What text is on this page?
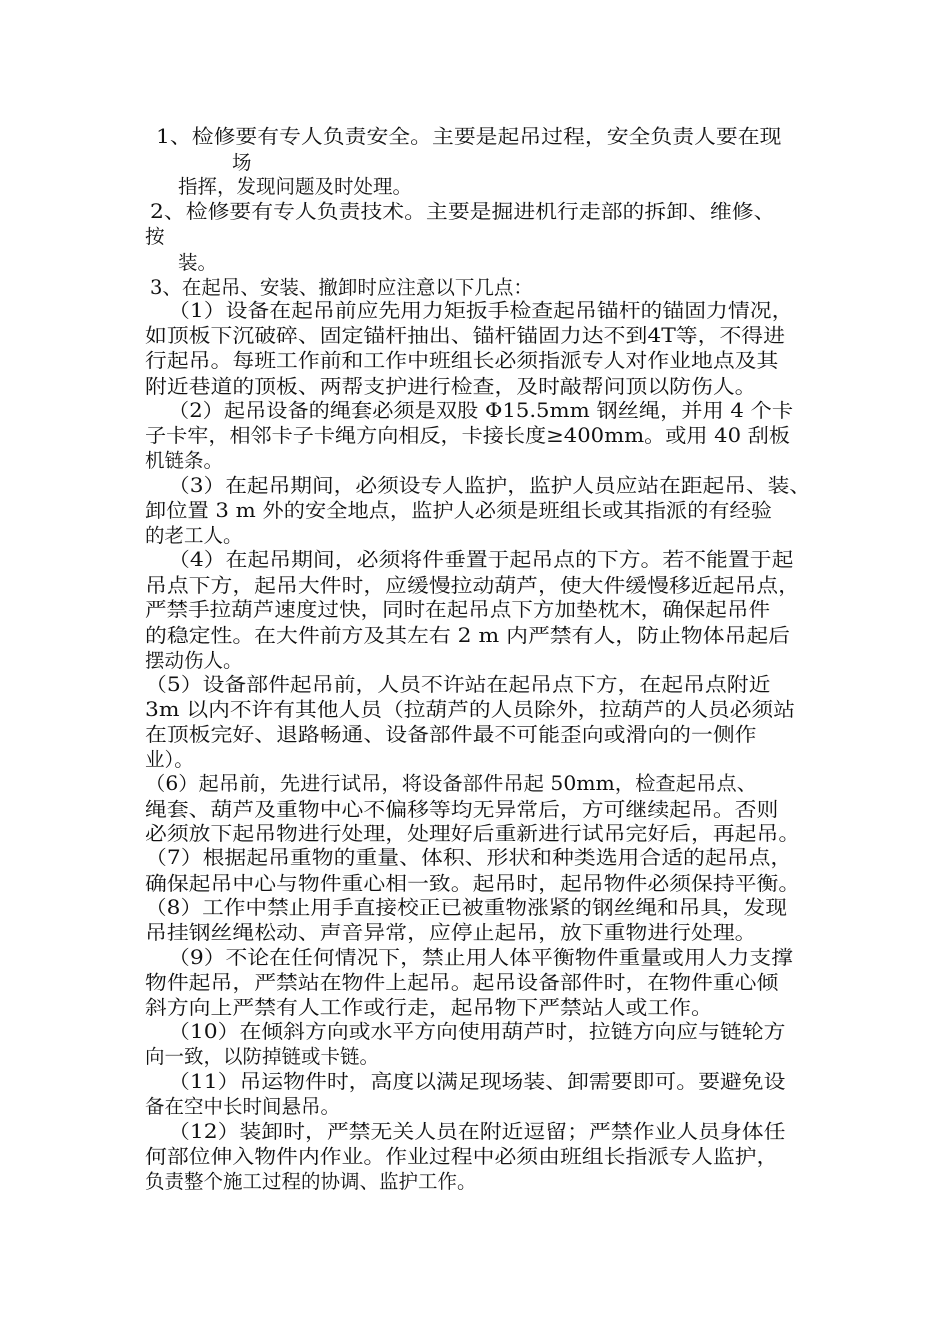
1、检修要有专人负责安全。主要是起吊过程，安全负责人要在现
场
指挥，发现问题及时处理。
2、检修要有专人负责技术。主要是掘进机行走部的拆卸、维修、
按
装。
3、在起吊、安装、撤卸时应注意以下几点：
（1）设备在起吊前应先用力矩扳手检查起吊锚杆的锚固力情况，
如顶板下沉破碎、固定锚杆抽出、锚杆锚固力达不到4T等，不得进
行起吊。每班工作前和工作中班组长必须指派专人对作业地点及其
附近巷道的顶板、两帮支护进行检查，及时敲帮问顶以防伤人。
（2）起吊设备的绳套必须是双股 Φ15.5mm 钢丝绳，并用 4 个卡
子卡牢，相邻卡子卡绳方向相反，卡接长度≥400mm。或用 40 刮板
机链条。
（3）在起吊期间，必须设专人监护，监护人员应站在距起吊、装、
卸位置 3 m 外的安全地点，监护人必须是班组长或其指派的有经验
的老工人。
（4）在起吊期间，必须将件垂置于起吊点的下方。若不能置于起
吊点下方，起吊大件时，应缓慢拉动葫芦，使大件缓慢移近起吊点，
严禁手拉葫芦速度过快，同时在起吊点下方加垫枕木，确保起吊件
的稳定性。在大件前方及其左右 2 m 内严禁有人，防止物体吊起后
摆动伤人。
（5）设备部件起吊前，人员不许站在起吊点下方，在起吊点附近
3m 以内不许有其他人员（拉葫芦的人员除外，拉葫芦的人员必须站
在顶板完好、退路畅通、设备部件最不可能歪向或滑向的一侧作
业）。
（6）起吊前，先进行试吊，将设备部件吊起 50mm，检查起吊点、
绳套、葫芦及重物中心不偏移等均无异常后，方可继续起吊。否则
必须放下起吊物进行处理，处理好后重新进行试吊完好后，再起吊。
（7）根据起吊重物的重量、体积、形状和种类选用合适的起吊点，
确保起吊中心与物件重心相一致。起吊时，起吊物件必须保持平衡。
（8）工作中禁止用手直接校正已被重物涨紧的钢丝绳和吊具，发现
吊挂钢丝绳松动、声音异常，应停止起吊，放下重物进行处理。
（9）不论在任何情况下，禁止用人体平衡物件重量或用人力支撑
物件起吊，严禁站在物件上起吊。起吊设备部件时，在物件重心倾
斜方向上严禁有人工作或行走，起吊物下严禁站人或工作。
（10）在倾斜方向或水平方向使用葫芦时，拉链方向应与链轮方
向一致，以防掉链或卡链。
（11）吊运物件时，高度以满足现场装、卸需要即可。要避免设
备在空中长时间悬吊。
（12）装卸时，严禁无关人员在附近逗留；严禁作业人员身体任
何部位伸入物件内作业。作业过程中必须由班组长指派专人监护，
负责整个施工过程的协调、监护工作。
